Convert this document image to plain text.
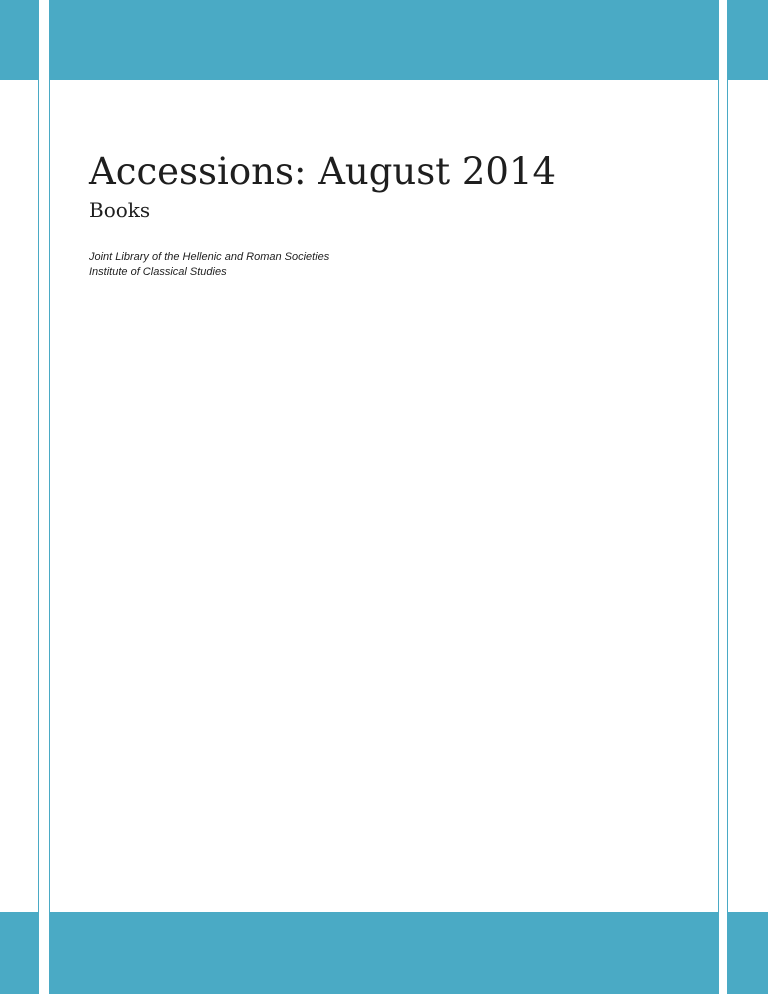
Accessions: August 2014
Books
Joint Library of the Hellenic and Roman Societies
Institute of Classical Studies
